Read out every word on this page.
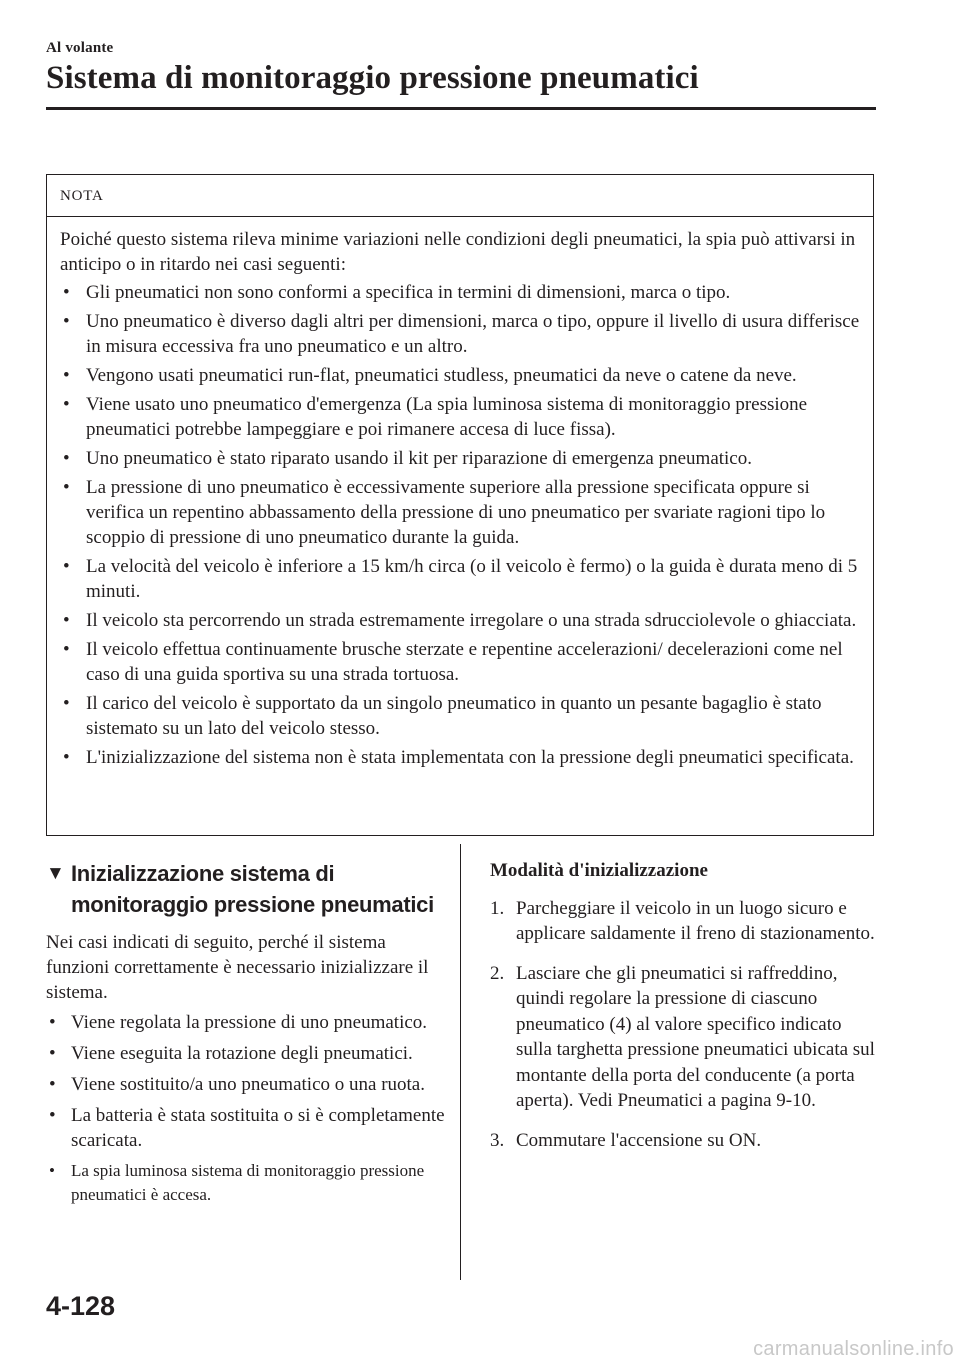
Al volante
Sistema di monitoraggio pressione pneumatici
NOTA

Poiché questo sistema rileva minime variazioni nelle condizioni degli pneumatici, la spia può attivarsi in anticipo o in ritardo nei casi seguenti:

• Gli pneumatici non sono conformi a specifica in termini di dimensioni, marca o tipo.
• Uno pneumatico è diverso dagli altri per dimensioni, marca o tipo, oppure il livello di usura differisce in misura eccessiva fra uno pneumatico e un altro.
• Vengono usati pneumatici run-flat, pneumatici studless, pneumatici da neve o catene da neve.
• Viene usato uno pneumatico d'emergenza (La spia luminosa sistema di monitoraggio pressione pneumatici potrebbe lampeggiare e poi rimanere accesa di luce fissa).
• Uno pneumatico è stato riparato usando il kit per riparazione di emergenza pneumatico.
• La pressione di uno pneumatico è eccessivamente superiore alla pressione specificata oppure si verifica un repentino abbassamento della pressione di uno pneumatico per svariate ragioni tipo lo scoppio di pressione di uno pneumatico durante la guida.
• La velocità del veicolo è inferiore a 15 km/h circa (o il veicolo è fermo) o la guida è durata meno di 5 minuti.
• Il veicolo sta percorrendo un strada estremamente irregolare o una strada sdrucciolevole o ghiacciata.
• Il veicolo effettua continuamente brusche sterzate e repentine accelerazioni/ decelerazioni come nel caso di una guida sportiva su una strada tortuosa.
• Il carico del veicolo è supportato da un singolo pneumatico in quanto un pesante bagaglio è stato sistemato su un lato del veicolo stesso.
• L'inizializzazione del sistema non è stata implementata con la pressione degli pneumatici specificata.
▼ Inizializzazione sistema di monitoraggio pressione pneumatici

Nei casi indicati di seguito, perché il sistema funzioni correttamente è necessario inizializzare il sistema.

• Viene regolata la pressione di uno pneumatico.
• Viene eseguita la rotazione degli pneumatici.
• Viene sostituito/a uno pneumatico o una ruota.
• La batteria è stata sostituita o si è completamente scaricata.
• La spia luminosa sistema di monitoraggio pressione pneumatici è accesa.
Modalità d'inizializzazione
1. Parcheggiare il veicolo in un luogo sicuro e applicare saldamente il freno di stazionamento.
2. Lasciare che gli pneumatici si raffreddino, quindi regolare la pressione di ciascuno pneumatico (4) al valore specifico indicato sulla targhetta pressione pneumatici ubicata sul montante della porta del conducente (a porta aperta). Vedi Pneumatici a pagina 9-10.
3. Commutare l'accensione su ON.
4-128
carmanualsonline.info
